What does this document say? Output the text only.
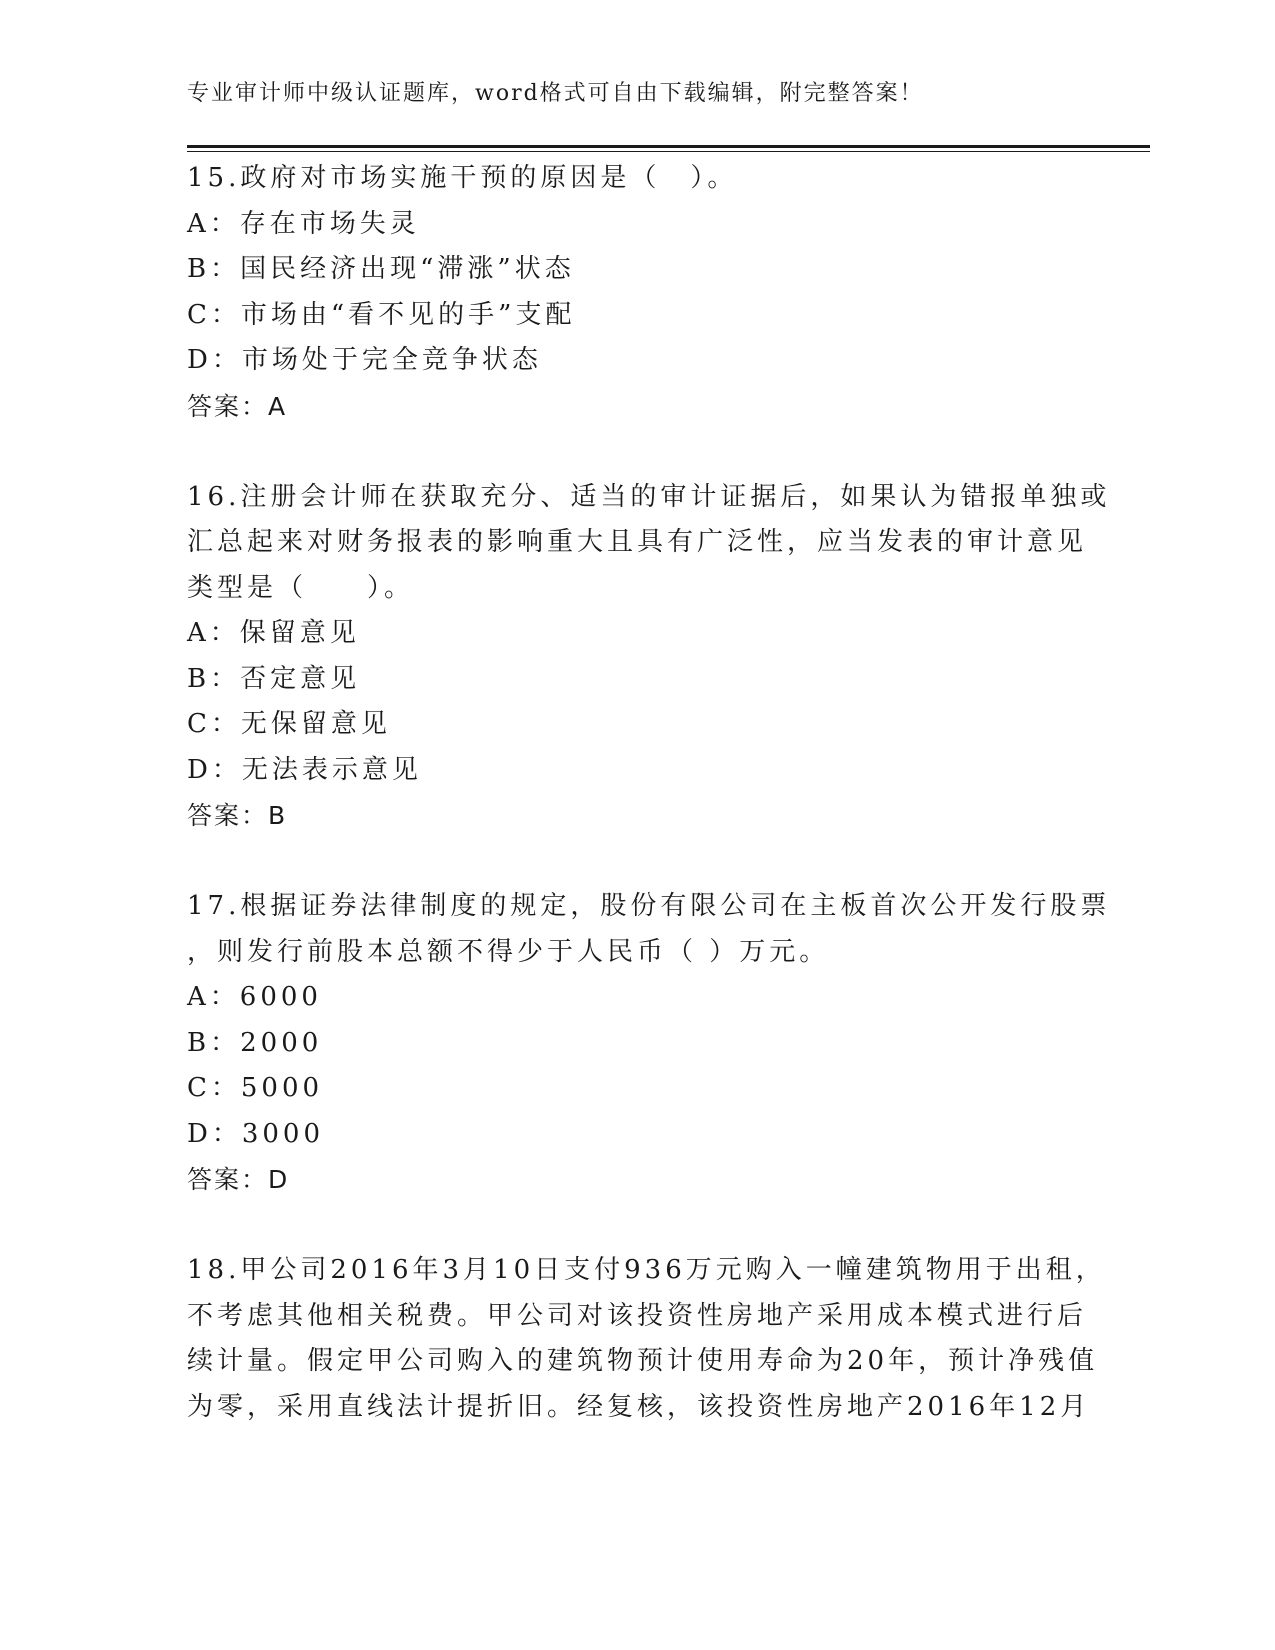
专业审计师中级认证题库，word格式可自由下载编辑，附完整答案！
15.政府对市场实施干预的原因是（　）。
A：存在市场失灵
B：国民经济出现“滞涨”状态
C：市场由“看不见的手”支配
D：市场处于完全竞争状态
答案：A
16.注册会计师在获取充分、适当的审计证据后，如果认为错报单独或
汇总起来对财务报表的影响重大且具有广泛性，应当发表的审计意见
类型是（　　）。
A：保留意见
B：否定意见
C：无保留意见
D：无法表示意见
答案：B
17.根据证券法律制度的规定，股份有限公司在主板首次公开发行股票
，则发行前股本总额不得少于人民币（ ）万元。
A：6000
B：2000
C：5000
D：3000
答案：D
18.甲公司2016年3月10日支付936万元购入一幢建筑物用于出租，
不考虑其他相关税费。甲公司对该投资性房地产采用成本模式进行后
续计量。假定甲公司购入的建筑物预计使用寿命为20年，预计净残值
为零，采用直线法计提折旧。经复核，该投资性房地产2016年12月
